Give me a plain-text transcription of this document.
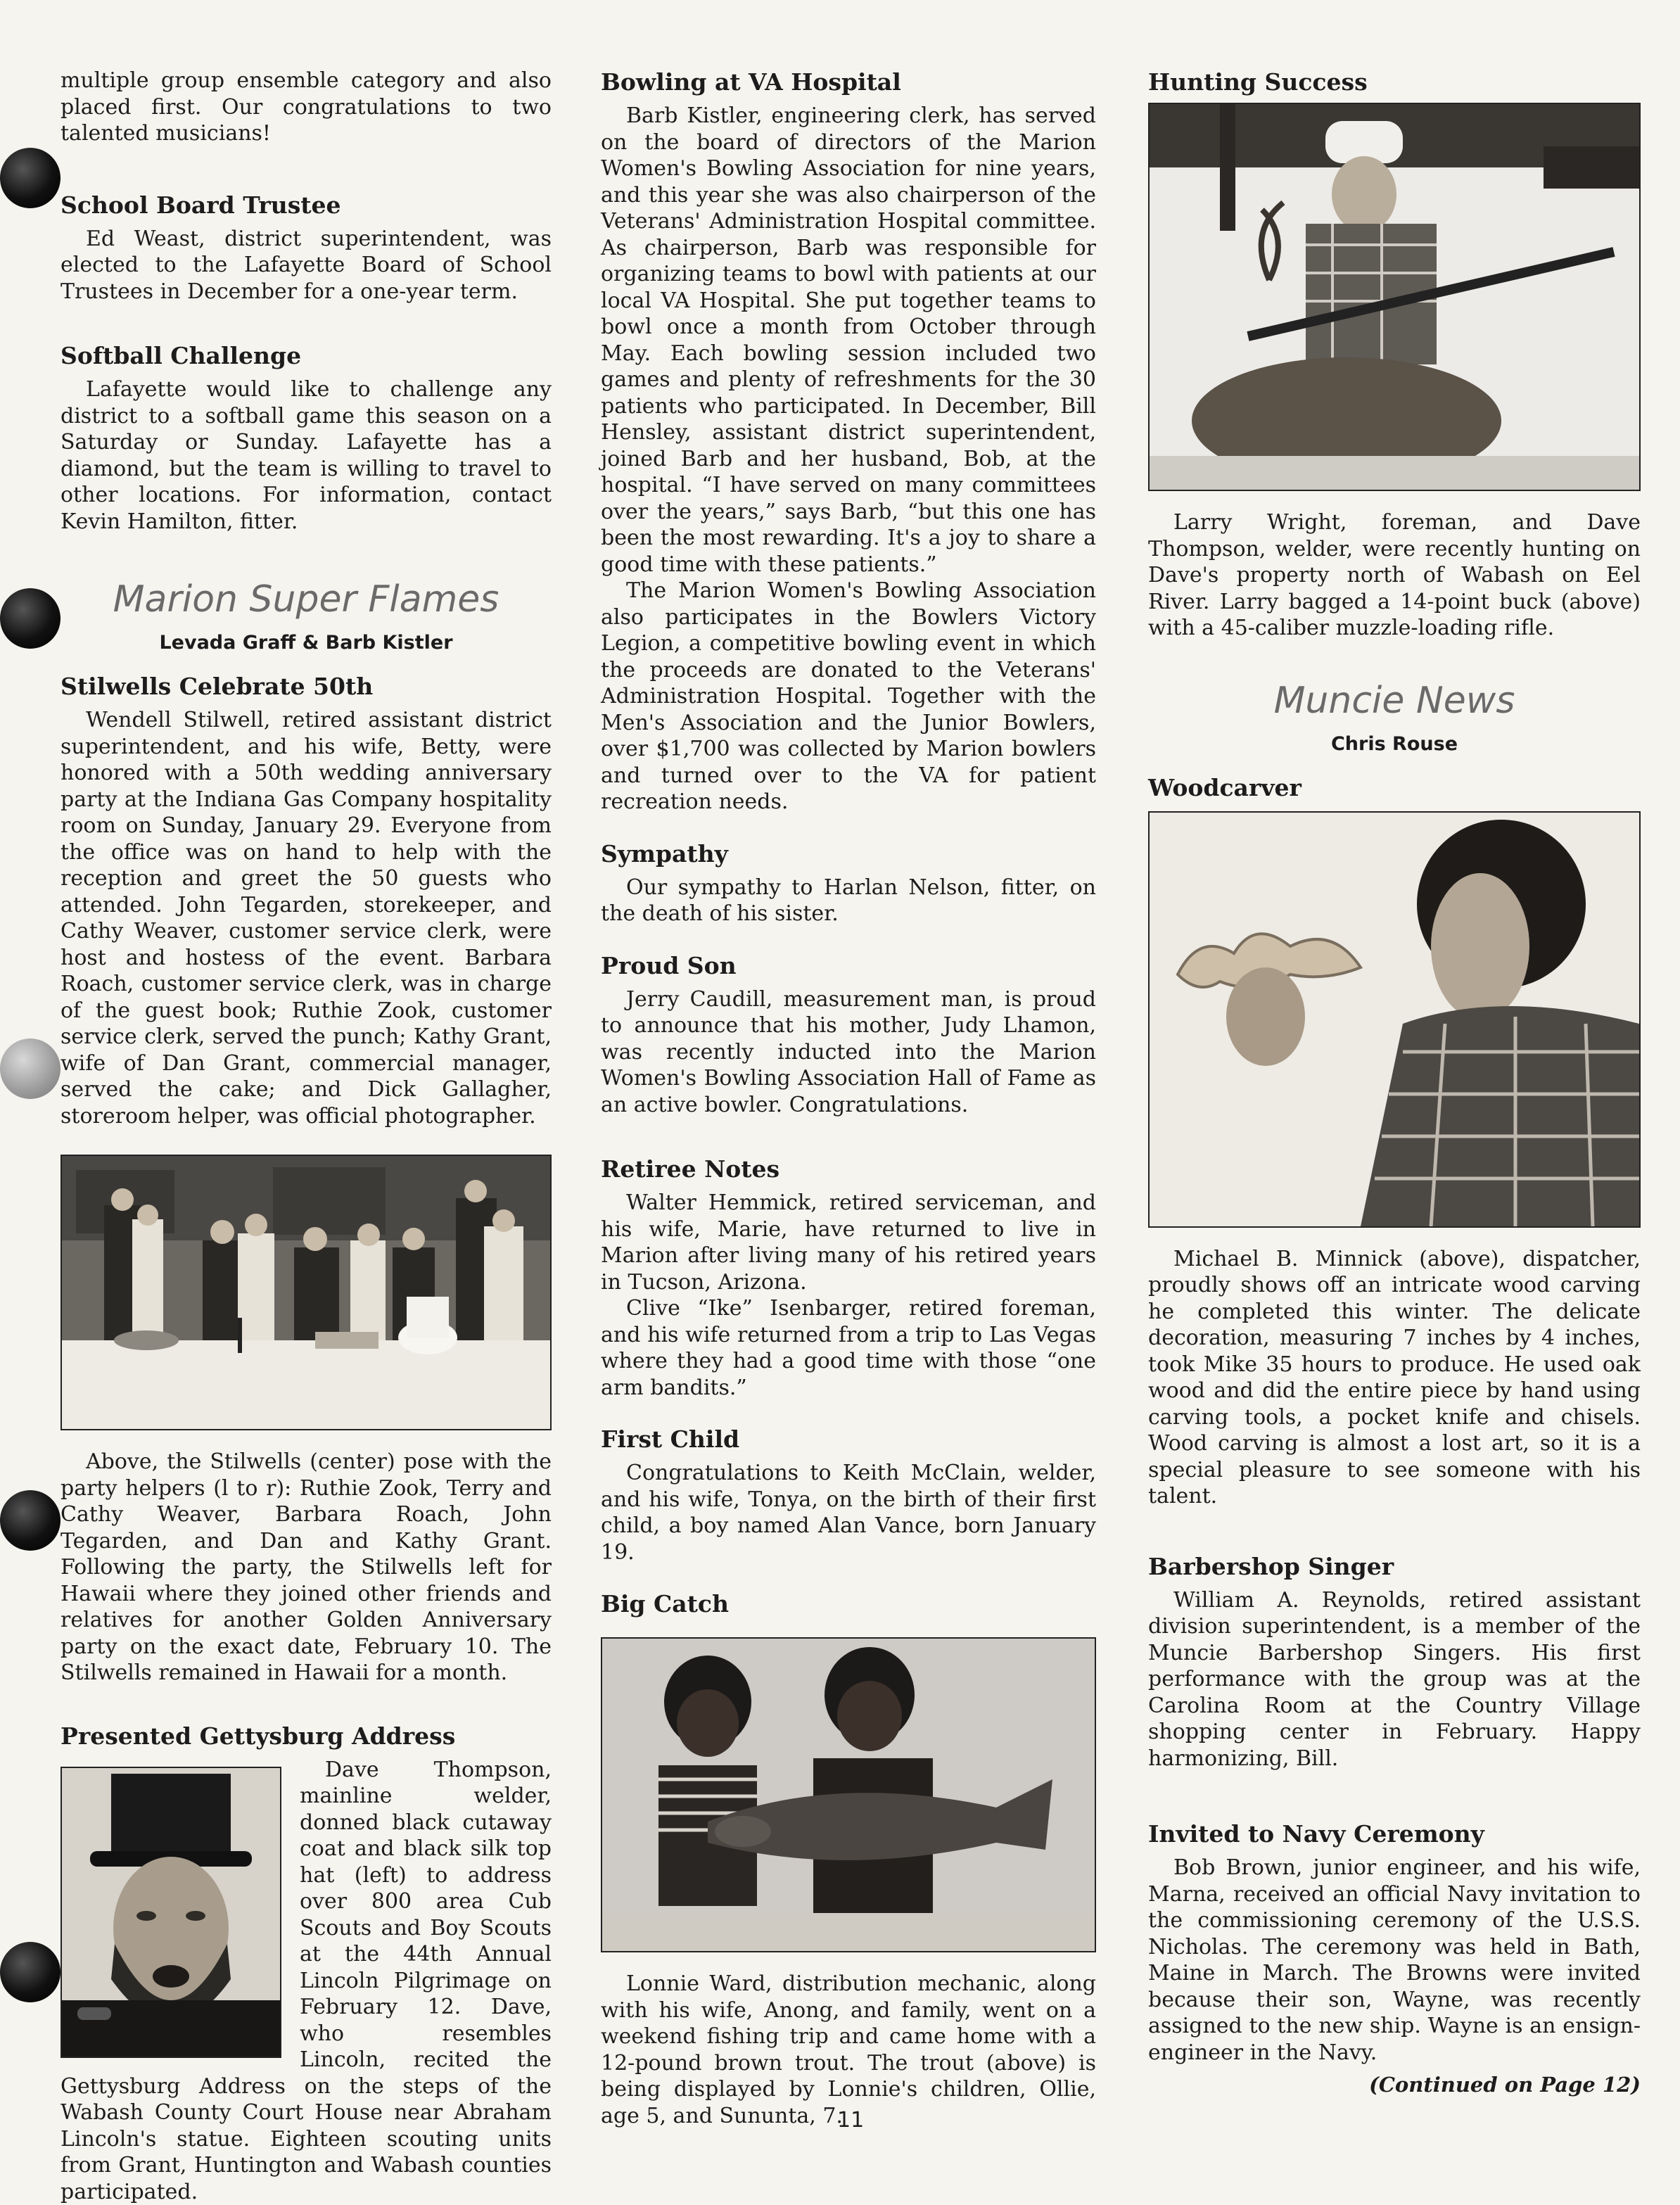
multiple group ensemble category and also placed first. Our congratulations to two talented musicians!

School Board Trustee

Ed Weast, district superintendent, was elected to the Lafayette Board of School Trustees in December for a one-year term.

Softball Challenge

Lafayette would like to challenge any district to a softball game this season on a Saturday or Sunday. Lafayette has a diamond, but the team is willing to travel to other locations. For information, contact Kevin Hamilton, fitter.

Marion Super Flames
Levada Graff & Barb Kistler
Stilwells Celebrate 50th

Wendell Stilwell, retired assistant district superintendent, and his wife, Betty, were honored with a 50th wedding anniversary party at the Indiana Gas Company hospitality room on Sunday, January 29. Everyone from the office was on hand to help with the reception and greet the 50 guests who attended. John Tegarden, storekeeper, and Cathy Weaver, customer service clerk, were host and hostess of the event. Barbara Roach, customer service clerk, was in charge of the guest book; Ruthie Zook, customer service clerk, served the punch; Kathy Grant, wife of Dan Grant, commercial manager, served the cake; and Dick Gallagher, storeroom helper, was official photographer.

Above, the Stilwells (center) pose with the party helpers (l to r): Ruthie Zook, Terry and Cathy Weaver, Barbara Roach, John Tegarden, and Dan and Kathy Grant. Following the party, the Stilwells left for Hawaii where they joined other friends and relatives for another Golden Anniversary party on the exact date, February 10. The Stilwells remained in Hawaii for a month.

Presented Gettysburg Address

Dave Thompson, mainline welder, donned black cutaway coat and black silk top hat (left) to address over 800 area Cub Scouts and Boy Scouts at the 44th Annual Lincoln Pilgrimage on February 12. Dave, who resembles Lincoln, recited the Gettysburg Address on the steps of the Wabash County Court House near Abraham Lincoln's statue. Eighteen scouting units from Grant, Huntington and Wabash counties participated.

Bowling at VA Hospital

Barb Kistler, engineering clerk, has served on the board of directors of the Marion Women's Bowling Association for nine years, and this year she was also chairperson of the Veterans' Administration Hospital committee. As chairperson, Barb was responsible for organizing teams to bowl with patients at our local VA Hospital. She put together teams to bowl once a month from October through May. Each bowling session included two games and plenty of refreshments for the 30 patients who participated. In December, Bill Hensley, assistant district superintendent, joined Barb and her husband, Bob, at the hospital. “I have served on many committees over the years,” says Barb, “but this one has been the most rewarding. It's a joy to share a good time with these patients.”

The Marion Women's Bowling Association also participates in the Bowlers Victory Legion, a competitive bowling event in which the proceeds are donated to the Veterans' Administration Hospital. Together with the Men's Association and the Junior Bowlers, over $1,700 was collected by Marion bowlers and turned over to the VA for patient recreation needs.

Sympathy

Our sympathy to Harlan Nelson, fitter, on the death of his sister.

Proud Son

Jerry Caudill, measurement man, is proud to announce that his mother, Judy Lhamon, was recently inducted into the Marion Women's Bowling Association Hall of Fame as an active bowler. Congratulations.

Retiree Notes

Walter Hemmick, retired serviceman, and his wife, Marie, have returned to live in Marion after living many of his retired years in Tucson, Arizona.

Clive “Ike” Isenbarger, retired foreman, and his wife returned from a trip to Las Vegas where they had a good time with those “one arm bandits.”

First Child

Congratulations to Keith McClain, welder, and his wife, Tonya, on the birth of their first child, a boy named Alan Vance, born January 19.

Big Catch

Lonnie Ward, distribution mechanic, along with his wife, Anong, and family, went on a weekend fishing trip and came home with a 12-pound brown trout. The trout (above) is being displayed by Lonnie's children, Ollie, age 5, and Sununta, 7.

Hunting Success

Larry Wright, foreman, and Dave Thompson, welder, were recently hunting on Dave's property north of Wabash on Eel River. Larry bagged a 14-point buck (above) with a 45-caliber muzzle-loading rifle.

Muncie News
Chris Rouse
Woodcarver

Michael B. Minnick (above), dispatcher, proudly shows off an intricate wood carving he completed this winter. The delicate decoration, measuring 7 inches by 4 inches, took Mike 35 hours to produce. He used oak wood and did the entire piece by hand using carving tools, a pocket knife and chisels. Wood carving is almost a lost art, so it is a special pleasure to see someone with his talent.

Barbershop Singer

William A. Reynolds, retired assistant division superintendent, is a member of the Muncie Barbershop Singers. His first performance with the group was at the Carolina Room at the Country Village shopping center in February. Happy harmonizing, Bill.

Invited to Navy Ceremony

Bob Brown, junior engineer, and his wife, Marna, received an official Navy invitation to the commissioning ceremony of the U.S.S. Nicholas. The ceremony was held in Bath, Maine in March. The Browns were invited because their son, Wayne, was recently assigned to the new ship. Wayne is an ensign-engineer in the Navy.

(Continued on Page 12)
11
